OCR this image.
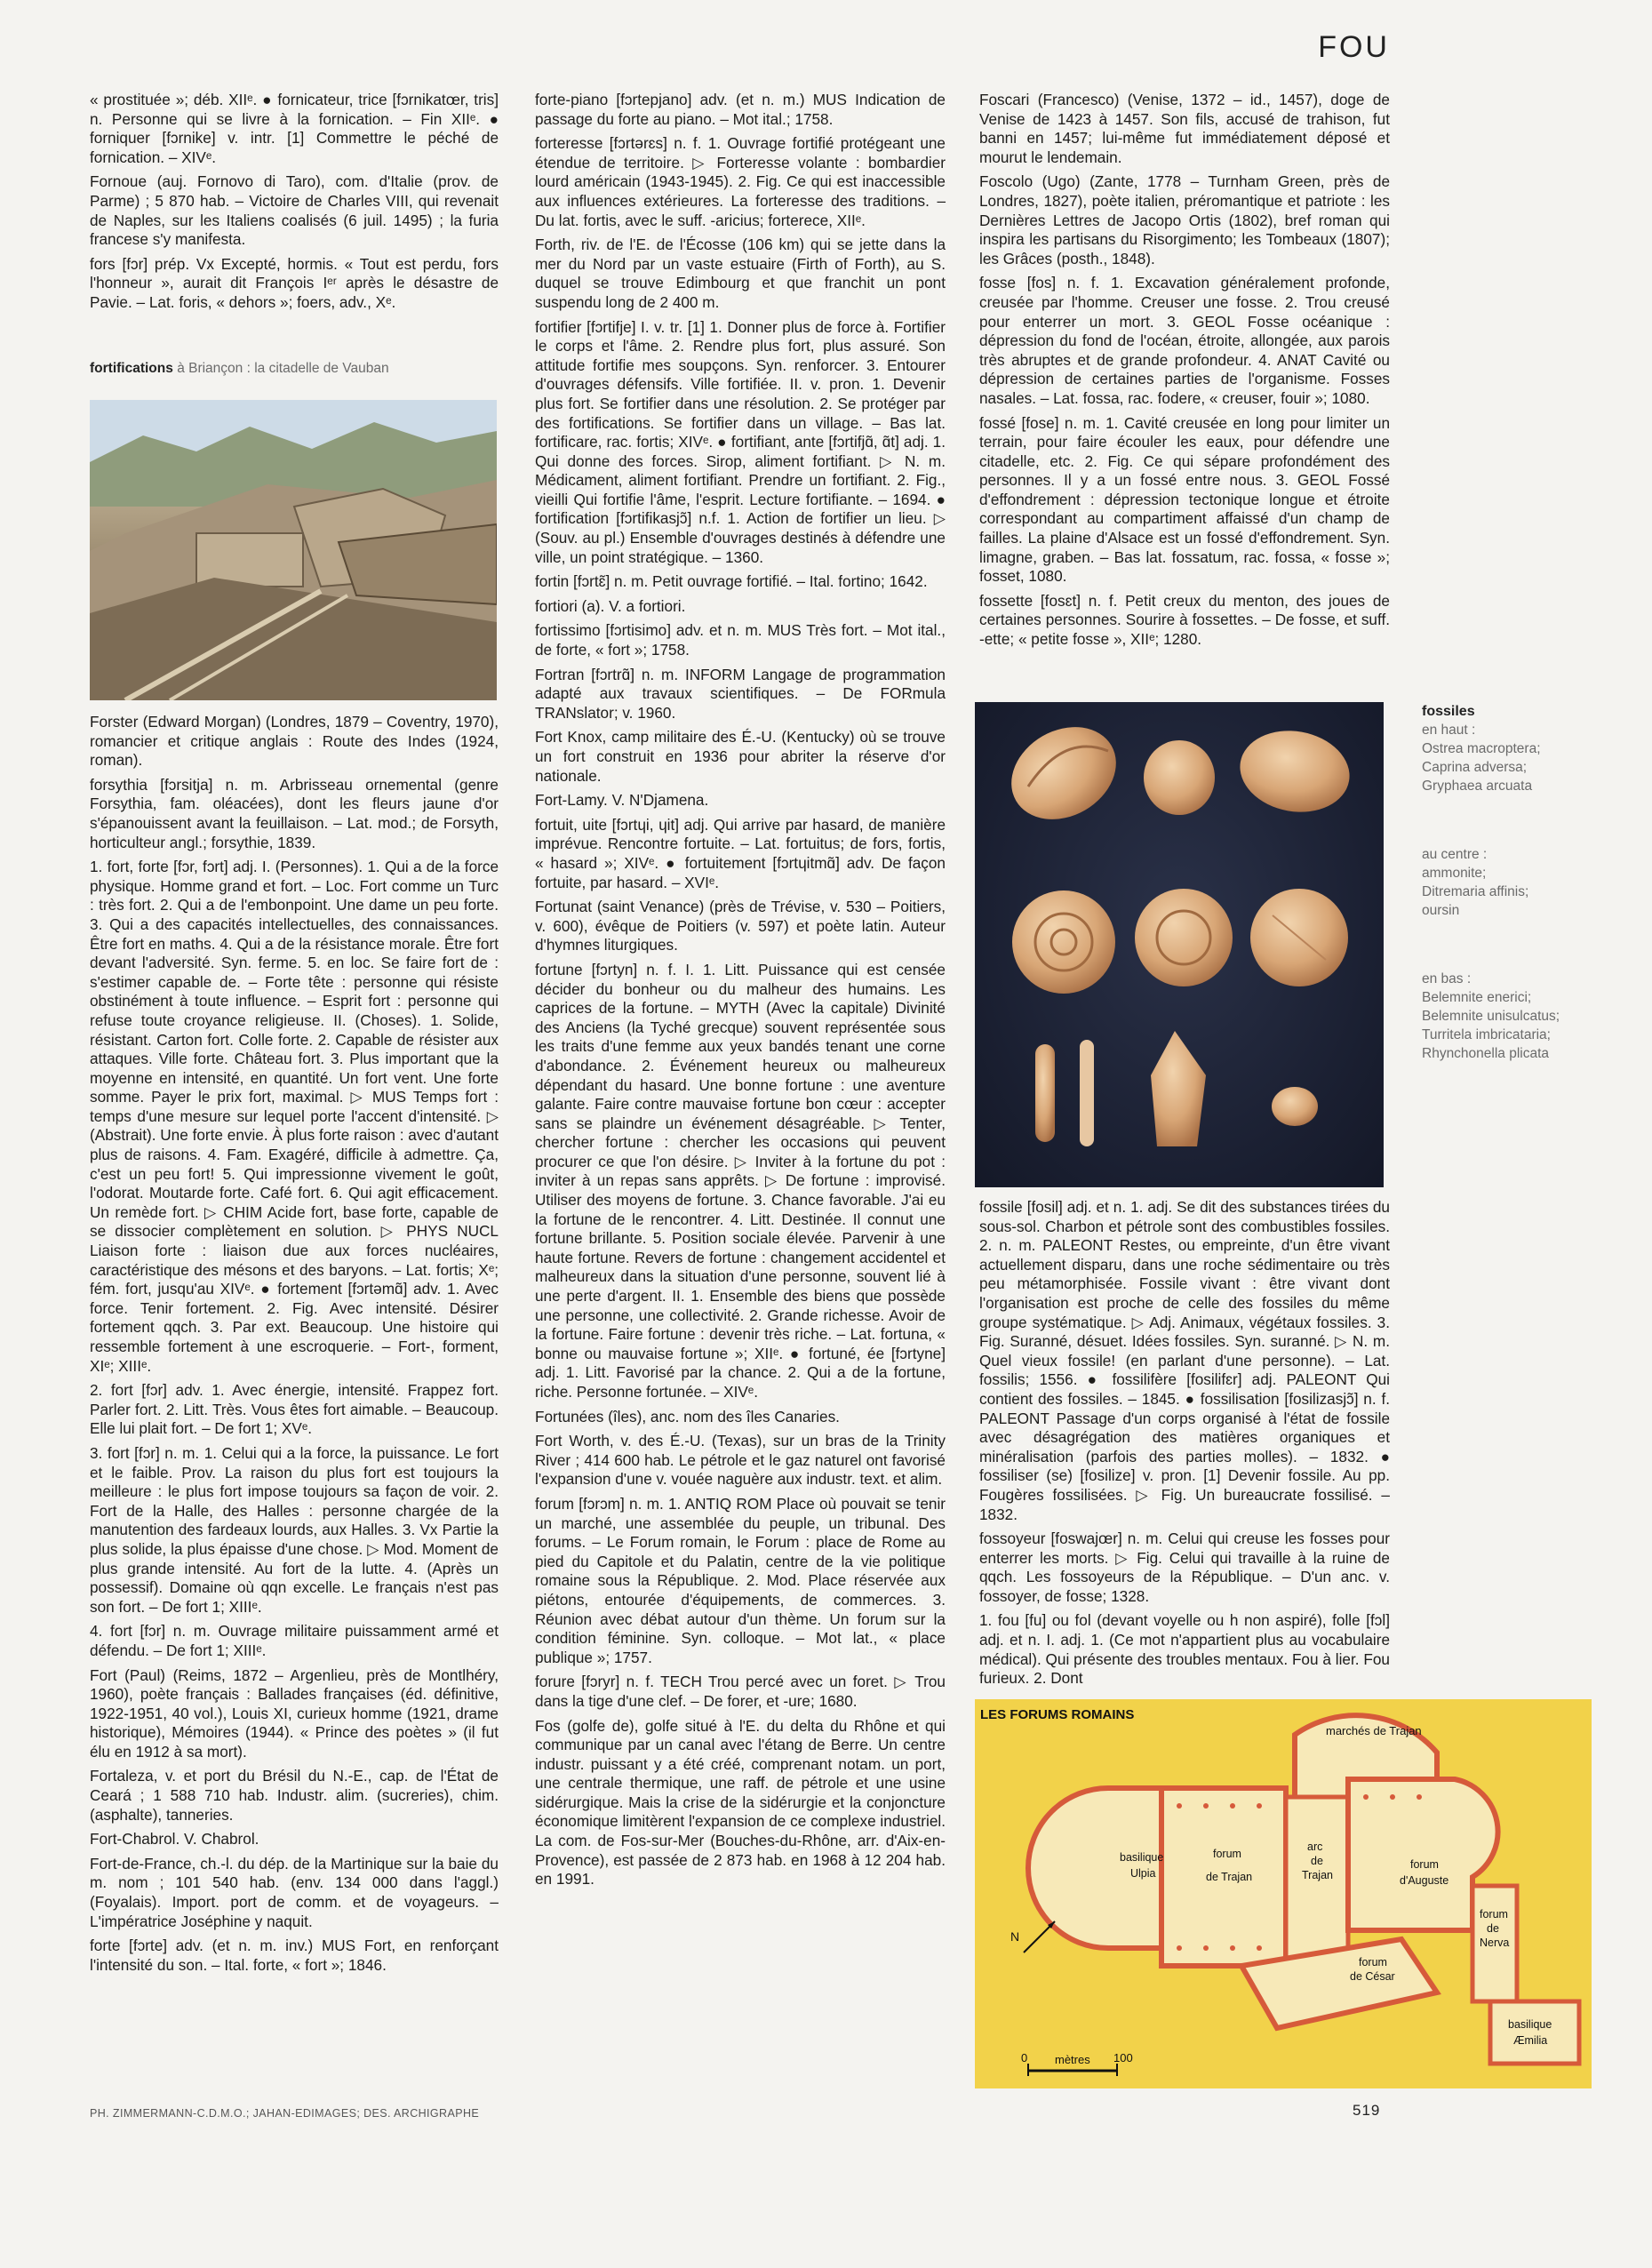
FOU

« prostituée »; déb. XIIᵉ. ● fornicateur, trice [fɔrnikatœr, tris] n. Personne qui se livre à la fornication. – Fin XIIᵉ. ● forniquer [fɔrnike] v. intr. [1] Commettre le péché de fornication. – XIVᵉ.

Fornoue (auj. Fornovo di Taro), com. d'Italie (prov. de Parme) ; 5 870 hab. – Victoire de Charles VIII, qui revenait de Naples, sur les Italiens coalisés (6 juil. 1495) ; la furia francese s'y manifesta.

fors [fɔr] prép. Vx Excepté, hormis. « Tout est perdu, fors l'honneur », aurait dit François Iᵉʳ après le désastre de Pavie. – Lat. foris, « dehors »; foers, adv., Xᵉ.

fortifications à Briançon : la citadelle de Vauban

Forster (Edward Morgan) (Londres, 1879 – Coventry, 1970), romancier et critique anglais : Route des Indes (1924, roman).

forsythia [fɔrsitja] n. m. Arbrisseau ornemental (genre Forsythia, fam. oléacées), dont les fleurs jaune d'or s'épanouissent avant la feuillaison. – Lat. mod.; de Forsyth, horticulteur angl.; forsythie, 1839.

1. fort, forte [fɔr, fɔrt] adj. I. (Personnes). 1. Qui a de la force physique. Homme grand et fort. – Loc. Fort comme un Turc : très fort. 2. Qui a de l'embonpoint. Une dame un peu forte. 3. Qui a des capacités intellectuelles, des connaissances. Être fort en maths. 4. Qui a de la résistance morale. Être fort devant l'adversité. Syn. ferme. 5. en loc. Se faire fort de : s'estimer capable de. – Forte tête : personne qui résiste obstinément à toute influence. – Esprit fort : personne qui refuse toute croyance religieuse. II. (Choses). 1. Solide, résistant. Carton fort. Colle forte. 2. Capable de résister aux attaques. Ville forte. Château fort. 3. Plus important que la moyenne en intensité, en quantité. Un fort vent. Une forte somme. Payer le prix fort, maximal. ▷ MUS Temps fort : temps d'une mesure sur lequel porte l'accent d'intensité. ▷ (Abstrait). Une forte envie. À plus forte raison : avec d'autant plus de raisons. 4. Fam. Exagéré, difficile à admettre. Ça, c'est un peu fort! 5. Qui impressionne vivement le goût, l'odorat. Moutarde forte. Café fort. 6. Qui agit efficacement. Un remède fort. ▷ CHIM Acide fort, base forte, capable de se dissocier complètement en solution. ▷ PHYS NUCL Liaison forte : liaison due aux forces nucléaires, caractéristique des mésons et des baryons. – Lat. fortis; Xᵉ; fém. fort, jusqu'au XIVᵉ. ● fortement [fɔrtəmɑ̃] adv. 1. Avec force. Tenir fortement. 2. Fig. Avec intensité. Désirer fortement qqch. 3. Par ext. Beaucoup. Une histoire qui ressemble fortement à une escroquerie. – Fort-, forment, XIᵉ; XIIIᵉ.

2. fort [fɔr] adv. 1. Avec énergie, intensité. Frappez fort. Parler fort. 2. Litt. Très. Vous êtes fort aimable. – Beaucoup. Elle lui plait fort. – De fort 1; XVᵉ.

3. fort [fɔr] n. m. 1. Celui qui a la force, la puissance. Le fort et le faible. Prov. La raison du plus fort est toujours la meilleure : le plus fort impose toujours sa façon de voir. 2. Fort de la Halle, des Halles : personne chargée de la manutention des fardeaux lourds, aux Halles. 3. Vx Partie la plus solide, la plus épaisse d'une chose. ▷ Mod. Moment de plus grande intensité. Au fort de la lutte. 4. (Après un possessif). Domaine où qqn excelle. Le français n'est pas son fort. – De fort 1; XIIIᵉ.

4. fort [fɔr] n. m. Ouvrage militaire puissamment armé et défendu. – De fort 1; XIIIᵉ.

Fort (Paul) (Reims, 1872 – Argenlieu, près de Montlhéry, 1960), poète français : Ballades françaises (éd. définitive, 1922-1951, 40 vol.), Louis XI, curieux homme (1921, drame historique), Mémoires (1944). « Prince des poètes » (il fut élu en 1912 à sa mort).

Fortaleza, v. et port du Brésil du N.-E., cap. de l'État de Ceará ; 1 588 710 hab. Industr. alim. (sucreries), chim. (asphalte), tanneries.

Fort-Chabrol. V. Chabrol.

Fort-de-France, ch.-l. du dép. de la Martinique sur la baie du m. nom ; 101 540 hab. (env. 134 000 dans l'aggl.) (Foyalais). Import. port de comm. et de voyageurs. – L'impératrice Joséphine y naquit.

forte [fɔrte] adv. (et n. m. inv.) MUS Fort, en renforçant l'intensité du son. – Ital. forte, « fort »; 1846.

forte-piano [fɔrtepjano] adv. (et n. m.) MUS Indication de passage du forte au piano. – Mot ital.; 1758.

forteresse [fɔrtərɛs] n. f. 1. Ouvrage fortifié protégeant une étendue de territoire. ▷ Forteresse volante : bombardier lourd américain (1943-1945). 2. Fig. Ce qui est inaccessible aux influences extérieures. La forteresse des traditions. – Du lat. fortis, avec le suff. -aricius; forterece, XIIᵉ.

Forth, riv. de l'E. de l'Écosse (106 km) qui se jette dans la mer du Nord par un vaste estuaire (Firth of Forth), au S. duquel se trouve Edimbourg et que franchit un pont suspendu long de 2 400 m.

fortifier [fɔrtifje] I. v. tr. [1] 1. Donner plus de force à. Fortifier le corps et l'âme. 2. Rendre plus fort, plus assuré. Son attitude fortifie mes soupçons. Syn. renforcer. 3. Entourer d'ouvrages défensifs. Ville fortifiée. II. v. pron. 1. Devenir plus fort. Se fortifier dans une résolution. 2. Se protéger par des fortifications. Se fortifier dans un village. – Bas lat. fortificare, rac. fortis; XIVᵉ. ● fortifiant, ante [fɔrtifjɑ̃, ɑ̃t] adj. 1. Qui donne des forces. Sirop, aliment fortifiant. ▷ N. m. Médicament, aliment fortifiant. Prendre un fortifiant. 2. Fig., vieilli Qui fortifie l'âme, l'esprit. Lecture fortifiante. – 1694. ● fortification [fɔrtifikasjɔ̃] n.f. 1. Action de fortifier un lieu. ▷ (Souv. au pl.) Ensemble d'ouvrages destinés à défendre une ville, un point stratégique. – 1360.

fortin [fɔrtɛ̃] n. m. Petit ouvrage fortifié. – Ital. fortino; 1642.

fortiori (a). V. a fortiori.

fortissimo [fɔrtisimo] adv. et n. m. MUS Très fort. – Mot ital., de forte, « fort »; 1758.

Fortran [fɔrtrɑ̃] n. m. INFORM Langage de programmation adapté aux travaux scientifiques. – De FORmula TRANslator; v. 1960.

Fort Knox, camp militaire des É.-U. (Kentucky) où se trouve un fort construit en 1936 pour abriter la réserve d'or nationale.

Fort-Lamy. V. N'Djamena.

fortuit, uite [fɔrtɥi, ɥit] adj. Qui arrive par hasard, de manière imprévue. Rencontre fortuite. – Lat. fortuitus; de fors, fortis, « hasard »; XIVᵉ. ● fortuitement [fɔrtɥitmɑ̃] adv. De façon fortuite, par hasard. – XVIᵉ.

Fortunat (saint Venance) (près de Trévise, v. 530 – Poitiers, v. 600), évêque de Poitiers (v. 597) et poète latin. Auteur d'hymnes liturgiques.

fortune [fɔrtyn] n. f. I. 1. Litt. Puissance qui est censée décider du bonheur ou du malheur des humains. Les caprices de la fortune. – MYTH (Avec la capitale) Divinité des Anciens (la Tyché grecque) souvent représentée sous les traits d'une femme aux yeux bandés tenant une corne d'abondance. 2. Événement heureux ou malheureux dépendant du hasard. Une bonne fortune : une aventure galante. Faire contre mauvaise fortune bon cœur : accepter sans se plaindre un événement désagréable. ▷ Tenter, chercher fortune : chercher les occasions qui peuvent procurer ce que l'on désire. ▷ Inviter à la fortune du pot : inviter à un repas sans apprêts. ▷ De fortune : improvisé. Utiliser des moyens de fortune. 3. Chance favorable. J'ai eu la fortune de le rencontrer. 4. Litt. Destinée. Il connut une fortune brillante. 5. Position sociale élevée. Parvenir à une haute fortune. Revers de fortune : changement accidentel et malheureux dans la situation d'une personne, souvent lié à une perte d'argent. II. 1. Ensemble des biens que possède une personne, une collectivité. 2. Grande richesse. Avoir de la fortune. Faire fortune : devenir très riche. – Lat. fortuna, « bonne ou mauvaise fortune »; XIIᵉ. ● fortuné, ée [fɔrtyne] adj. 1. Litt. Favorisé par la chance. 2. Qui a de la fortune, riche. Personne fortunée. – XIVᵉ.

Fortunées (îles), anc. nom des îles Canaries.

Fort Worth, v. des É.-U. (Texas), sur un bras de la Trinity River ; 414 600 hab. Le pétrole et le gaz naturel ont favorisé l'expansion d'une v. vouée naguère aux industr. text. et alim.

forum [fɔrɔm] n. m. 1. ANTIQ ROM Place où pouvait se tenir un marché, une assemblée du peuple, un tribunal. Des forums. – Le Forum romain, le Forum : place de Rome au pied du Capitole et du Palatin, centre de la vie politique romaine sous la République. 2. Mod. Place réservée aux piétons, entourée d'équipements, de commerces. 3. Réunion avec débat autour d'un thème. Un forum sur la condition féminine. Syn. colloque. – Mot lat., « place publique »; 1757.

forure [fɔryr] n. f. TECH Trou percé avec un foret. ▷ Trou dans la tige d'une clef. – De forer, et -ure; 1680.

Fos (golfe de), golfe situé à l'E. du delta du Rhône et qui communique par un canal avec l'étang de Berre. Un centre industr. puissant y a été créé, comprenant notam. un port, une centrale thermique, une raff. de pétrole et une usine sidérurgique. Mais la crise de la sidérurgie et la conjoncture économique limitèrent l'expansion de ce complexe industriel. La com. de Fos-sur-Mer (Bouches-du-Rhône, arr. d'Aix-en-Provence), est passée de 2 873 hab. en 1968 à 12 204 hab. en 1991.

Foscari (Francesco) (Venise, 1372 – id., 1457), doge de Venise de 1423 à 1457. Son fils, accusé de trahison, fut banni en 1457; lui-même fut immédiatement déposé et mourut le lendemain.

Foscolo (Ugo) (Zante, 1778 – Turnham Green, près de Londres, 1827), poète italien, préromantique et patriote : les Dernières Lettres de Jacopo Ortis (1802), bref roman qui inspira les partisans du Risorgimento; les Tombeaux (1807); les Grâces (posth., 1848).

fosse [fos] n. f. 1. Excavation généralement profonde, creusée par l'homme. Creuser une fosse. 2. Trou creusé pour enterrer un mort. 3. GEOL Fosse océanique : dépression du fond de l'océan, étroite, allongée, aux parois très abruptes et de grande profondeur. 4. ANAT Cavité ou dépression de certaines parties de l'organisme. Fosses nasales. – Lat. fossa, rac. fodere, « creuser, fouir »; 1080.

fossé [fose] n. m. 1. Cavité creusée en long pour limiter un terrain, pour faire écouler les eaux, pour défendre une citadelle, etc. 2. Fig. Ce qui sépare profondément des personnes. Il y a un fossé entre nous. 3. GEOL Fossé d'effondrement : dépression tectonique longue et étroite correspondant au compartiment affaissé d'un champ de failles. La plaine d'Alsace est un fossé d'effondrement. Syn. limagne, graben. – Bas lat. fossatum, rac. fossa, « fosse »; fosset, 1080.

fossette [fosɛt] n. f. Petit creux du menton, des joues de certaines personnes. Sourire à fossettes. – De fosse, et suff. -ette; « petite fosse », XIIᵉ; 1280.

fossiles
en haut :
Ostrea macroptera;
Caprina adversa;
Gryphaea arcuata
au centre :
ammonite;
Ditremaria affinis;
oursin
en bas :
Belemnite enerici;
Belemnite unisulcatus;
Turritela imbricataria;
Rhynchonella plicata

fossile [fosil] adj. et n. 1. adj. Se dit des substances tirées du sous-sol. Charbon et pétrole sont des combustibles fossiles. 2. n. m. PALEONT Restes, ou empreinte, d'un être vivant actuellement disparu, dans une roche sédimentaire ou très peu métamorphisée. Fossile vivant : être vivant dont l'organisation est proche de celle des fossiles du même groupe systématique. ▷ Adj. Animaux, végétaux fossiles. 3. Fig. Suranné, désuet. Idées fossiles. Syn. suranné. ▷ N. m. Quel vieux fossile! (en parlant d'une personne). – Lat. fossilis; 1556. ● fossilifère [fosilifɛr] adj. PALEONT Qui contient des fossiles. – 1845. ● fossilisation [fosilizasjɔ̃] n. f. PALEONT Passage d'un corps organisé à l'état de fossile avec désagrégation des matières organiques et minéralisation (parfois des parties molles). – 1832. ● fossiliser (se) [fosilize] v. pron. [1] Devenir fossile. Au pp. Fougères fossilisées. ▷ Fig. Un bureaucrate fossilisé. – 1832.

fossoyeur [foswajœr] n. m. Celui qui creuse les fosses pour enterrer les morts. ▷ Fig. Celui qui travaille à la ruine de qqch. Les fossoyeurs de la République. – D'un anc. v. fossoyer, de fosse; 1328.

1. fou [fu] ou fol (devant voyelle ou h non aspiré), folle [fɔl] adj. et n. I. adj. 1. (Ce mot n'appartient plus au vocabulaire médical). Qui présente des troubles mentaux. Fou à lier. Fou furieux. 2. Dont

LES FORUMS ROMAINS
marchés de Trajan
basilique
Ulpia
forum
de Trajan
arc
de
Trajan
forum
d'Auguste
forum
de
Nerva
forum
de César
basilique
Æmilia
N
0 mètres 100
PH. ZIMMERMANN-C.D.M.O.; JAHAN-EDIMAGES; DES. ARCHIGRAPHE	519
